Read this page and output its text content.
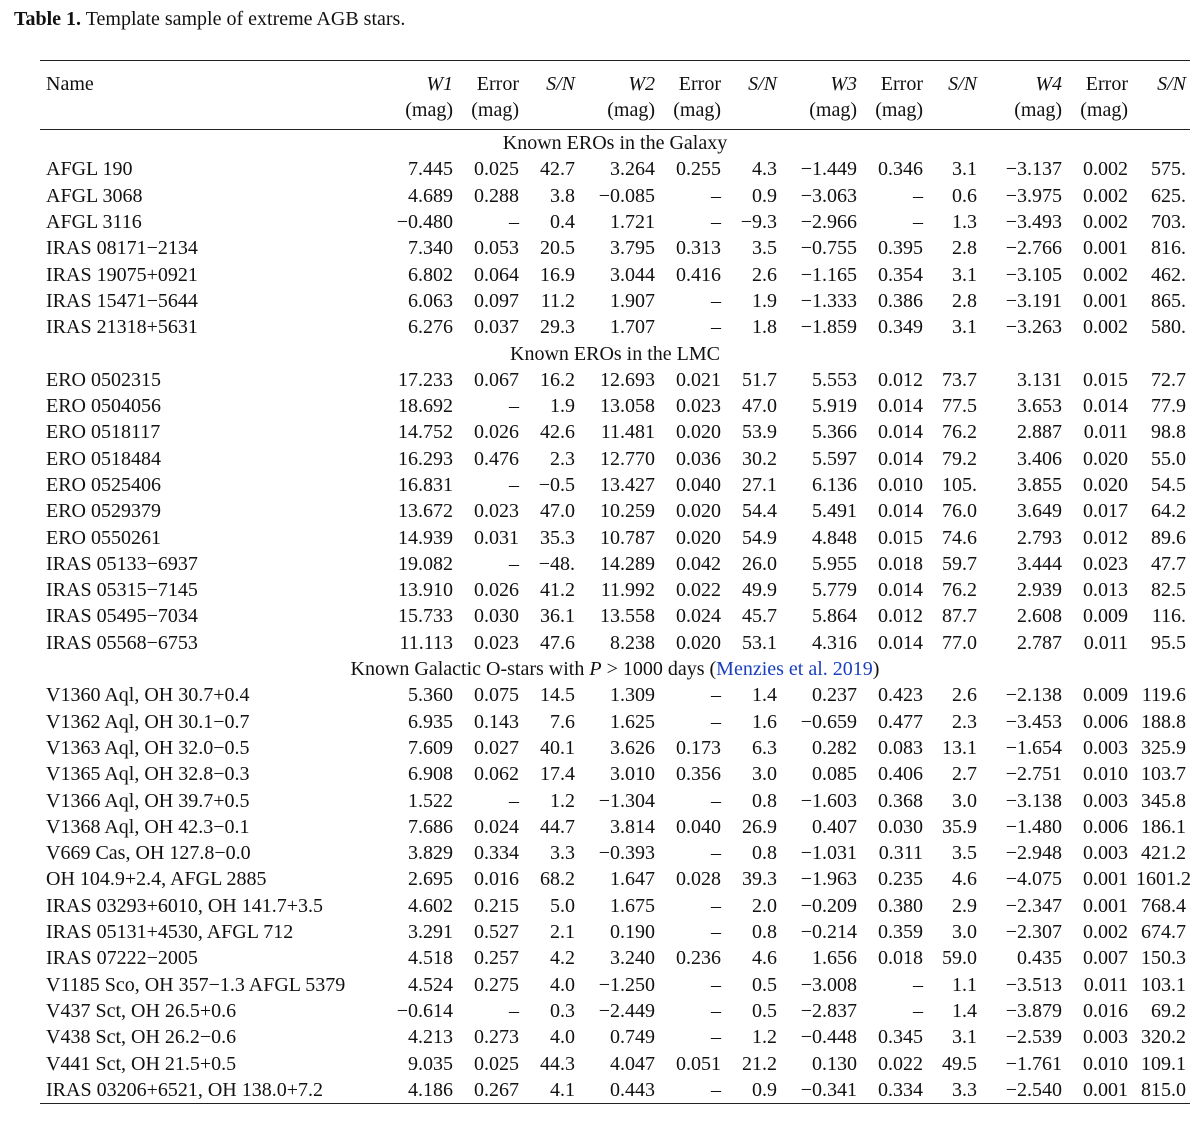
Table 1. Template sample of extreme AGB stars.
Name	W1	Error	S/N	W2	Error	S/N	W3	Error	S/N	W4	Error	S/N
	(mag)	(mag)		(mag)	(mag)		(mag)	(mag)		(mag)	(mag)	
Known EROs in the Galaxy												
AFGL 190	7.445	0.025	42.7	3.264	0.255	4.3	−1.449	0.346	3.1	−3.137	0.002	575.
AFGL 3068	4.689	0.288	3.8	−0.085	–	0.9	−3.063	–	0.6	−3.975	0.002	625.
AFGL 3116	−0.480	–	0.4	1.721	–	−9.3	−2.966	–	1.3	−3.493	0.002	703.
IRAS 08171−2134	7.340	0.053	20.5	3.795	0.313	3.5	−0.755	0.395	2.8	−2.766	0.001	816.
IRAS 19075+0921	6.802	0.064	16.9	3.044	0.416	2.6	−1.165	0.354	3.1	−3.105	0.002	462.
IRAS 15471−5644	6.063	0.097	11.2	1.907	–	1.9	−1.333	0.386	2.8	−3.191	0.001	865.
IRAS 21318+5631	6.276	0.037	29.3	1.707	–	1.8	−1.859	0.349	3.1	−3.263	0.002	580.
Known EROs in the LMC												
ERO 0502315	17.233	0.067	16.2	12.693	0.021	51.7	5.553	0.012	73.7	3.131	0.015	72.7
ERO 0504056	18.692	–	1.9	13.058	0.023	47.0	5.919	0.014	77.5	3.653	0.014	77.9
ERO 0518117	14.752	0.026	42.6	11.481	0.020	53.9	5.366	0.014	76.2	2.887	0.011	98.8
ERO 0518484	16.293	0.476	2.3	12.770	0.036	30.2	5.597	0.014	79.2	3.406	0.020	55.0
ERO 0525406	16.831	–	−0.5	13.427	0.040	27.1	6.136	0.010	105.	3.855	0.020	54.5
ERO 0529379	13.672	0.023	47.0	10.259	0.020	54.4	5.491	0.014	76.0	3.649	0.017	64.2
ERO 0550261	14.939	0.031	35.3	10.787	0.020	54.9	4.848	0.015	74.6	2.793	0.012	89.6
IRAS 05133−6937	19.082	–	−48.	14.289	0.042	26.0	5.955	0.018	59.7	3.444	0.023	47.7
IRAS 05315−7145	13.910	0.026	41.2	11.992	0.022	49.9	5.779	0.014	76.2	2.939	0.013	82.5
IRAS 05495−7034	15.733	0.030	36.1	13.558	0.024	45.7	5.864	0.012	87.7	2.608	0.009	116.
IRAS 05568−6753	11.113	0.023	47.6	8.238	0.020	53.1	4.316	0.014	77.0	2.787	0.011	95.5
Known Galactic O-stars with P > 1000 days (Menzies et al. 2019)												
V1360 Aql, OH 30.7+0.4	5.360	0.075	14.5	1.309	–	1.4	0.237	0.423	2.6	−2.138	0.009	119.6
V1362 Aql, OH 30.1−0.7	6.935	0.143	7.6	1.625	–	1.6	−0.659	0.477	2.3	−3.453	0.006	188.8
V1363 Aql, OH 32.0−0.5	7.609	0.027	40.1	3.626	0.173	6.3	0.282	0.083	13.1	−1.654	0.003	325.9
V1365 Aql, OH 32.8−0.3	6.908	0.062	17.4	3.010	0.356	3.0	0.085	0.406	2.7	−2.751	0.010	103.7
V1366 Aql, OH 39.7+0.5	1.522	–	1.2	−1.304	–	0.8	−1.603	0.368	3.0	−3.138	0.003	345.8
V1368 Aql, OH 42.3−0.1	7.686	0.024	44.7	3.814	0.040	26.9	0.407	0.030	35.9	−1.480	0.006	186.1
V669 Cas, OH 127.8−0.0	3.829	0.334	3.3	−0.393	–	0.8	−1.031	0.311	3.5	−2.948	0.003	421.2
OH 104.9+2.4, AFGL 2885	2.695	0.016	68.2	1.647	0.028	39.3	−1.963	0.235	4.6	−4.075	0.001	1601.2
IRAS 03293+6010, OH 141.7+3.5	4.602	0.215	5.0	1.675	–	2.0	−0.209	0.380	2.9	−2.347	0.001	768.4
IRAS 05131+4530, AFGL 712	3.291	0.527	2.1	0.190	–	0.8	−0.214	0.359	3.0	−2.307	0.002	674.7
IRAS 07222−2005	4.518	0.257	4.2	3.240	0.236	4.6	1.656	0.018	59.0	0.435	0.007	150.3
V1185 Sco, OH 357−1.3 AFGL 5379	4.524	0.275	4.0	−1.250	–	0.5	−3.008	–	1.1	−3.513	0.011	103.1
V437 Sct, OH 26.5+0.6	−0.614	–	0.3	−2.449	–	0.5	−2.837	–	1.4	−3.879	0.016	69.2
V438 Sct, OH 26.2−0.6	4.213	0.273	4.0	0.749	–	1.2	−0.448	0.345	3.1	−2.539	0.003	320.2
V441 Sct, OH 21.5+0.5	9.035	0.025	44.3	4.047	0.051	21.2	0.130	0.022	49.5	−1.761	0.010	109.1
IRAS 03206+6521, OH 138.0+7.2	4.186	0.267	4.1	0.443	–	0.9	−0.341	0.334	3.3	−2.540	0.001	815.0
